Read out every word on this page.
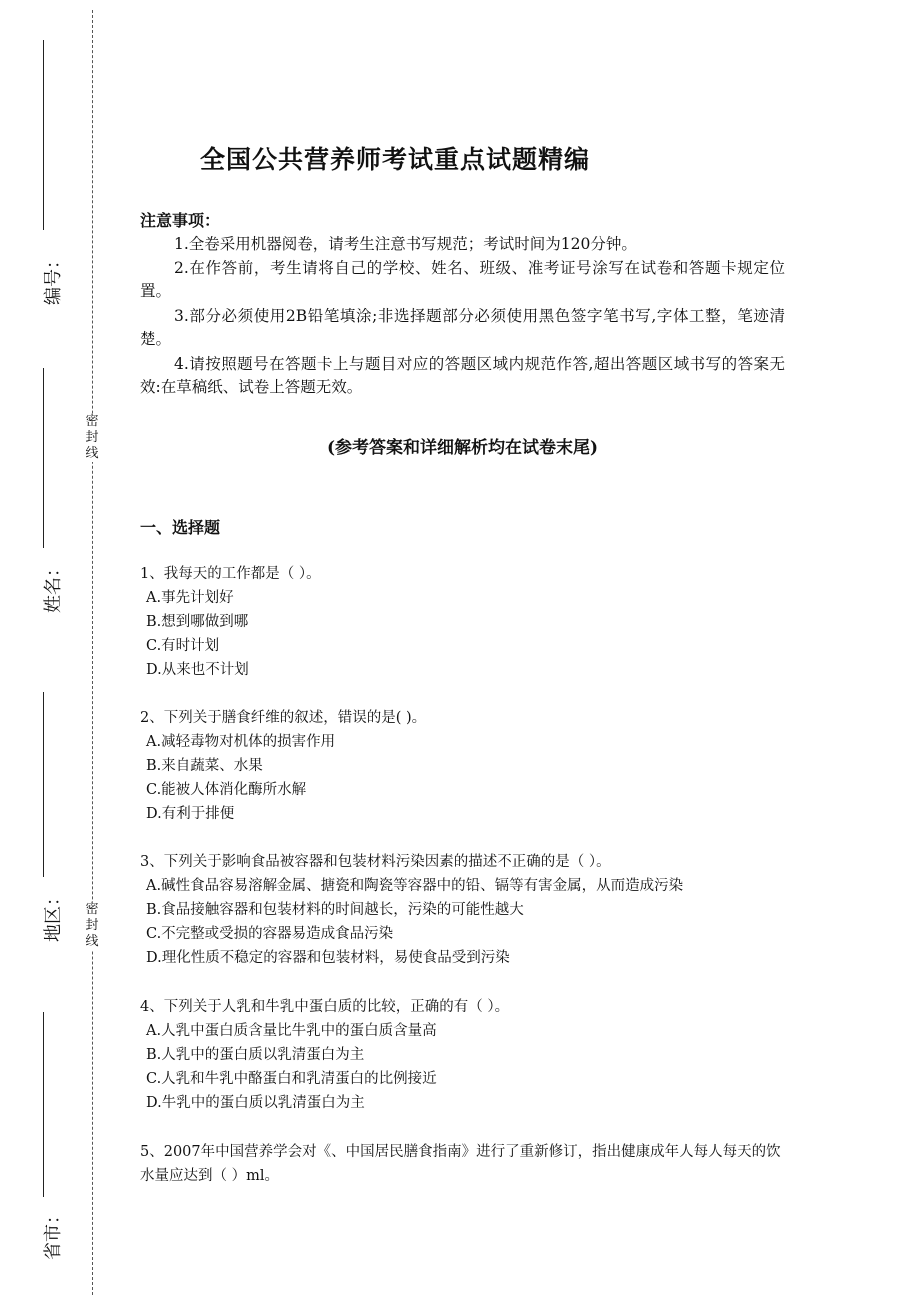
编号：
姓名：
地区：
省市：
密
封
线
密
封
线
全国公共营养师考试重点试题精编
注意事项：
1.全卷采用机器阅卷，请考生注意书写规范；考试时间为120分钟。
2.在作答前，考生请将自己的学校、姓名、班级、准考证号涂写在试卷和答题卡规定位置。
3.部分必须使用2B铅笔填涂;非选择题部分必须使用黑色签字笔书写,字体工整，笔迹清楚。
4.请按照题号在答题卡上与题目对应的答题区域内规范作答,超出答题区域书写的答案无效:在草稿纸、试卷上答题无效。
(参考答案和详细解析均在试卷末尾)
一、选择题

1、我每天的工作都是（ ）。

A.事先计划好

B.想到哪做到哪

C.有时计划

D.从来也不计划

2、下列关于膳食纤维的叙述，错误的是( )。

A.减轻毒物对机体的损害作用

B.来自蔬菜、水果

C.能被人体消化酶所水解

D.有利于排便

3、下列关于影响食品被容器和包装材料污染因素的描述不正确的是（ ）。

A.碱性食品容易溶解金属、搪瓷和陶瓷等容器中的铅、镉等有害金属，从而造成污染

B.食品接触容器和包装材料的时间越长，污染的可能性越大

C.不完整或受损的容器易造成食品污染

D.理化性质不稳定的容器和包装材料，易使食品受到污染

4、下列关于人乳和牛乳中蛋白质的比较，正确的有（ ）。

A.人乳中蛋白质含量比牛乳中的蛋白质含量高

B.人乳中的蛋白质以乳清蛋白为主

C.人乳和牛乳中酪蛋白和乳清蛋白的比例接近

D.牛乳中的蛋白质以乳清蛋白为主

5、2007年中国营养学会对《、中国居民膳食指南》进行了重新修订，指出健康成年人每人每天的饮水量应达到（ ）ml。
